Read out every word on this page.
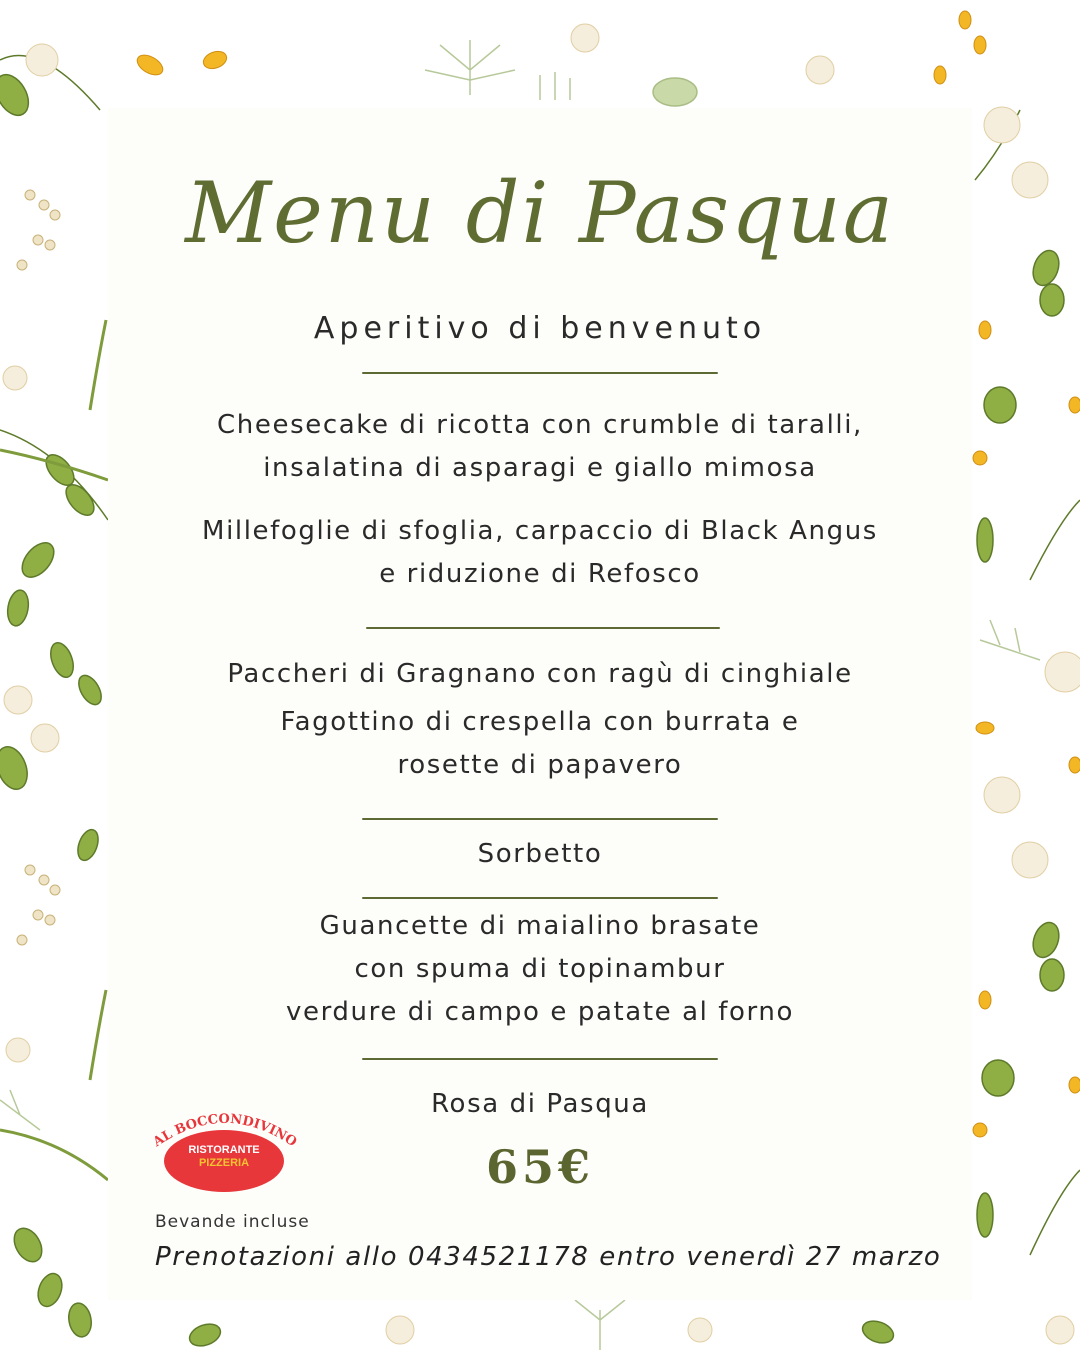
Menu di Pasqua
Aperitivo di benvenuto
Cheesecake di ricotta con crumble di taralli,
insalatina di asparagi e giallo mimosa
Millefoglie di sfoglia, carpaccio di Black Angus
e riduzione di Refosco
Paccheri di Gragnano con ragù di cinghiale
Fagottino di crespella con burrata e
rosette di papavero
Sorbetto
Guancette di maialino brasate
con spuma di topinambur
verdure di campo e patate al forno
Rosa di Pasqua
65€
AL BOCCONDIVINO
RISTORANTE
PIZZERIA
Bevande incluse
Prenotazioni allo 0434521178 entro venerdì 27 marzo
